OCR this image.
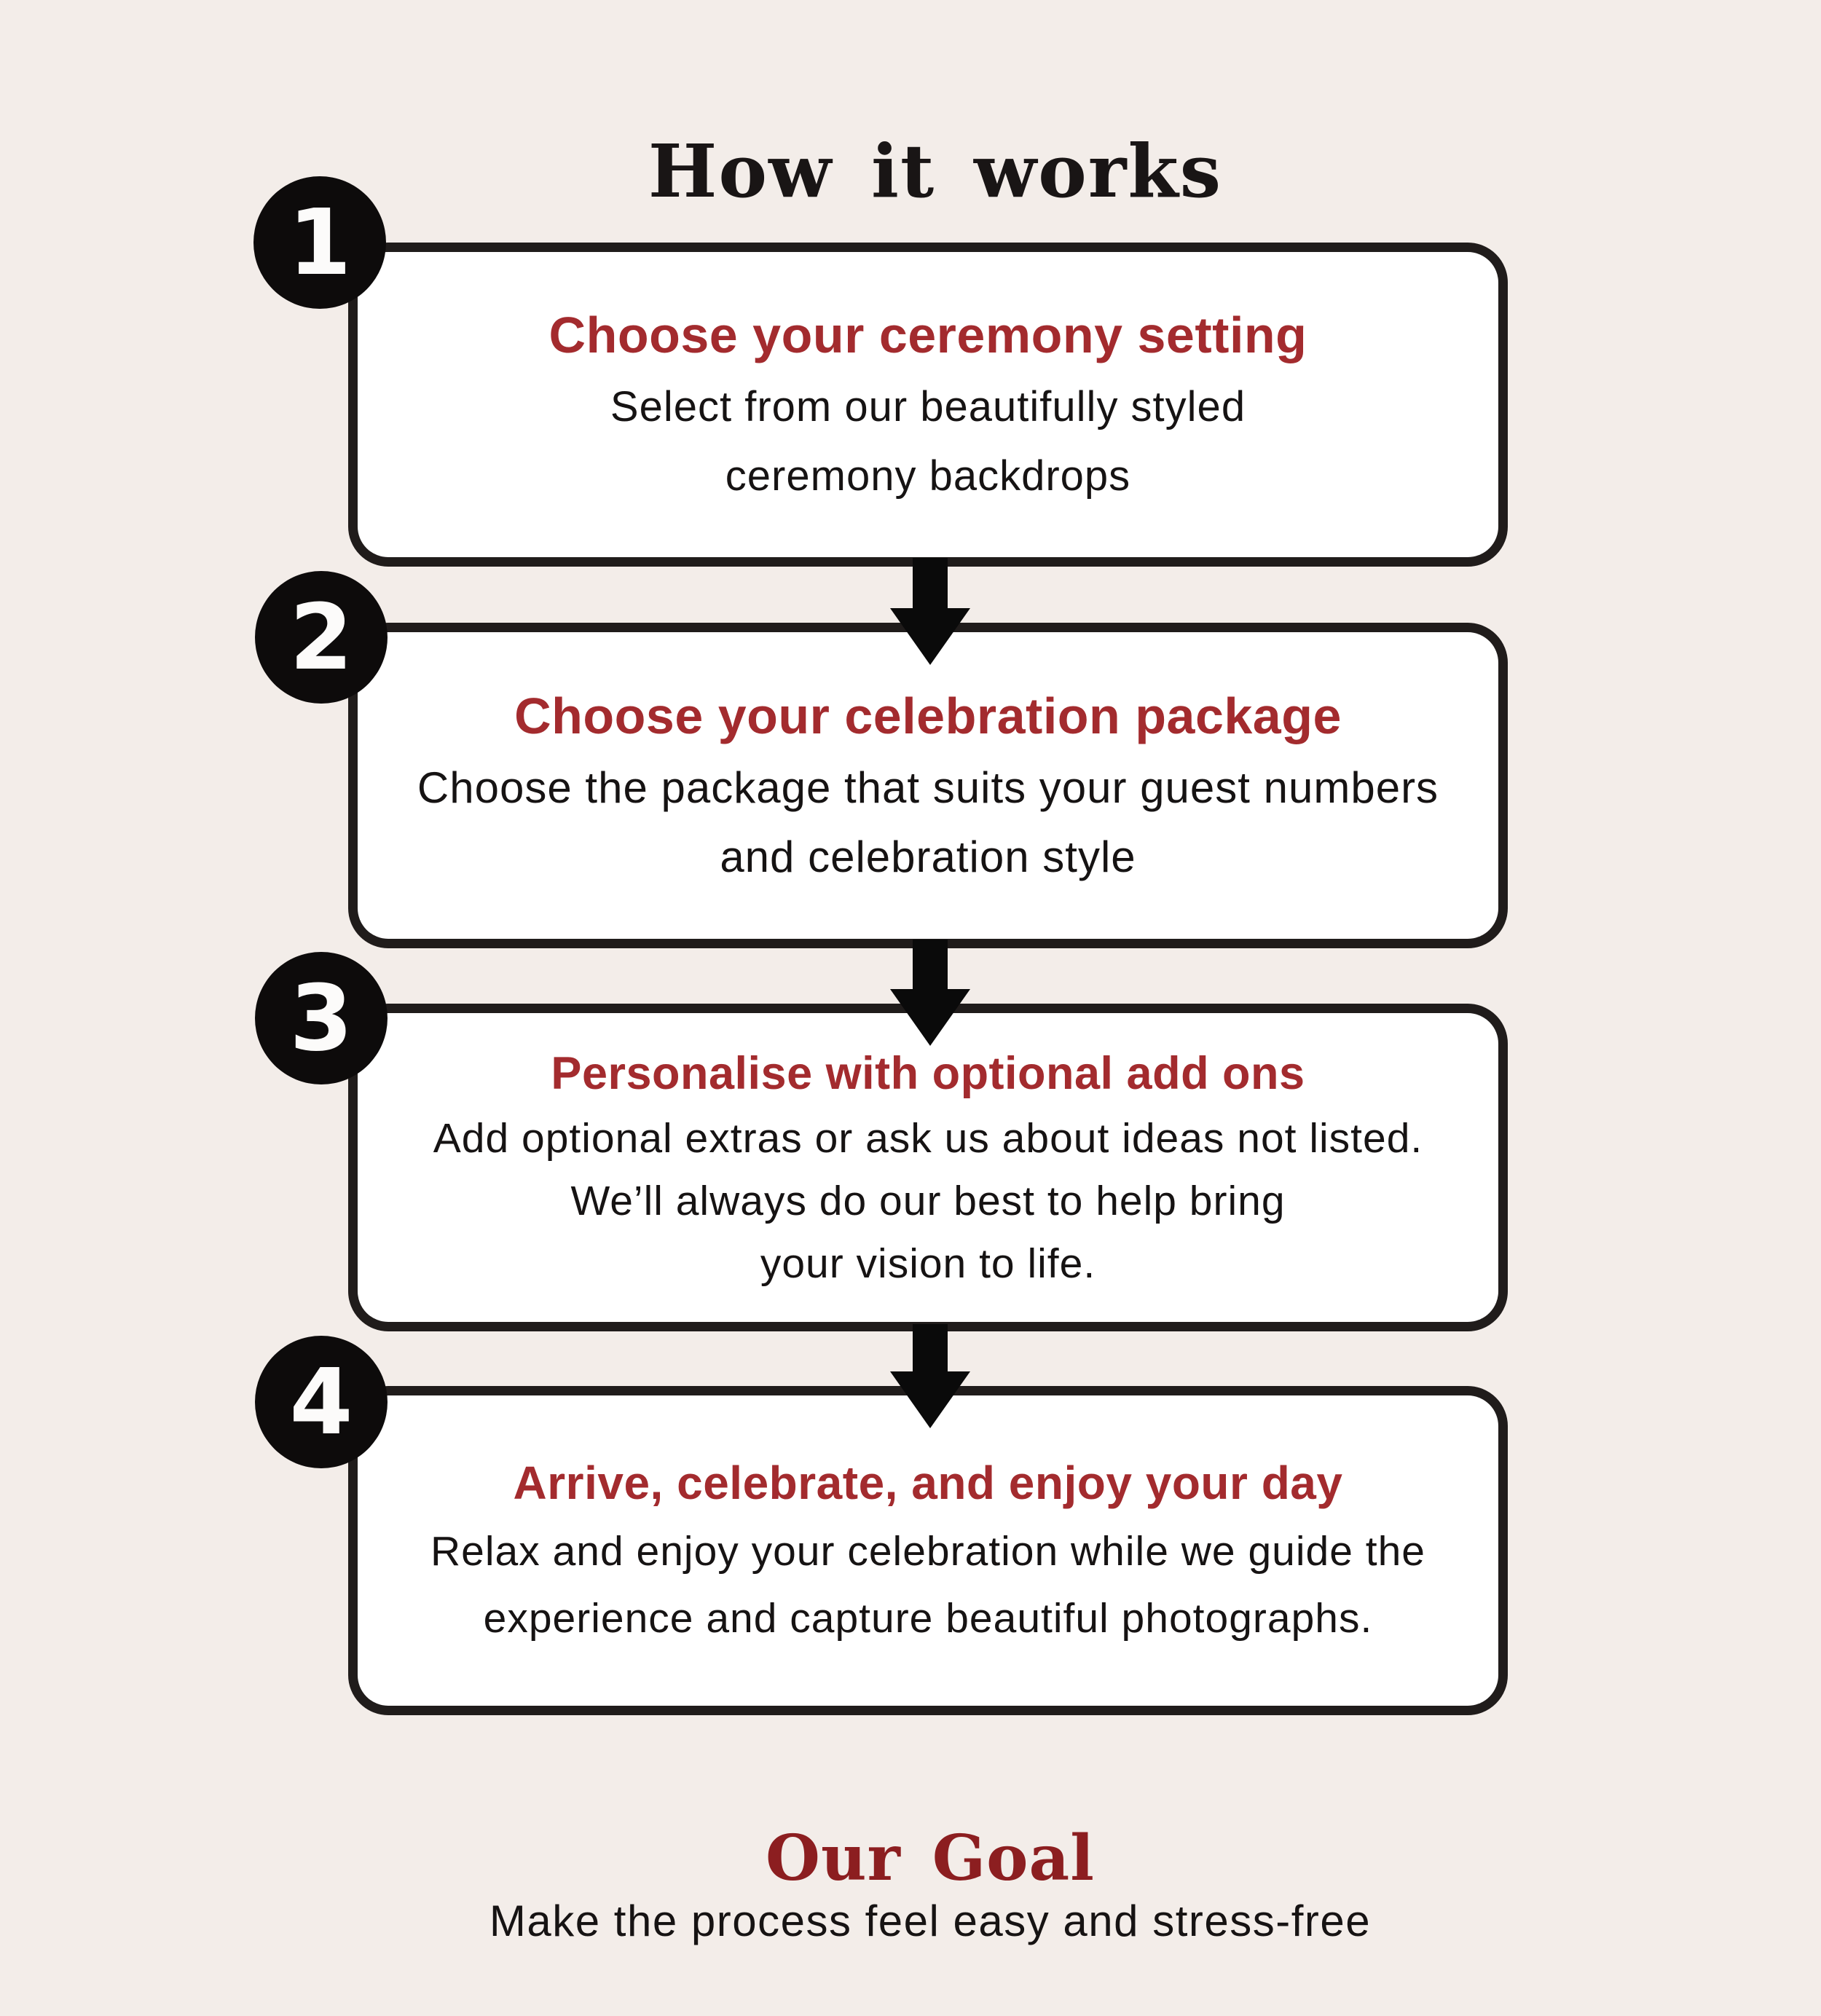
How it works
1
Choose your ceremony setting

Select from our beautifully styled
ceremony backdrops

2
Choose your celebration package

Choose the package that suits your guest numbers
and celebration style

3
Personalise with optional add ons

Add optional extras or ask us about ideas not listed.
We’ll always do our best to help bring
your vision to life.

4
Arrive, celebrate, and enjoy your day

Relax and enjoy your celebration while we guide the
experience and capture beautiful photographs.

Our Goal

Make the process feel easy and stress-free
